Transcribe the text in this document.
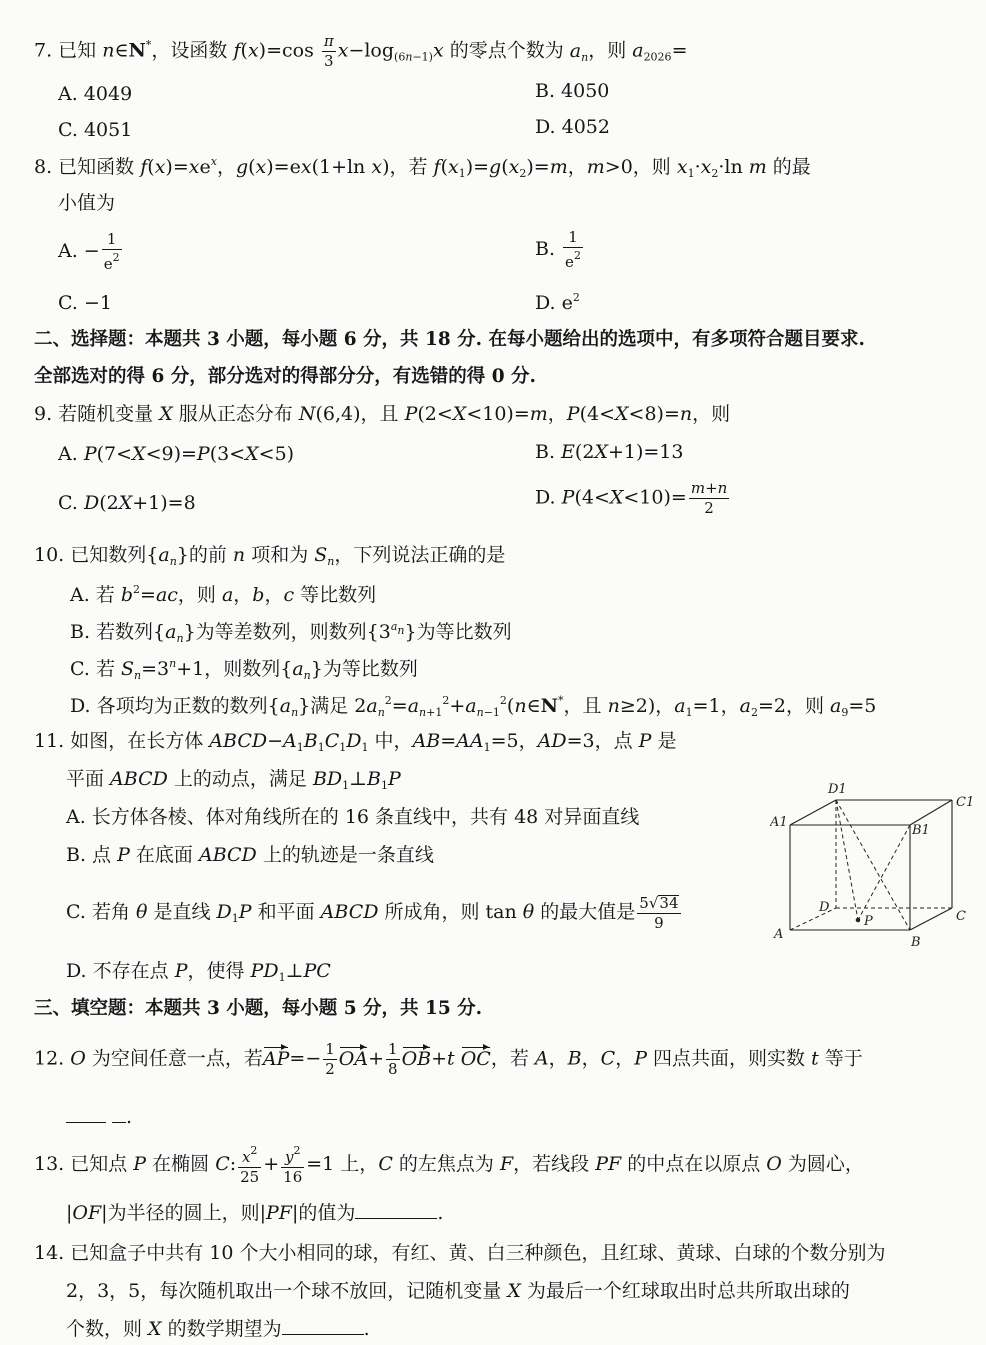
7. 已知 n∈N*，设函数 $f(x)=\cos \frac{\pi}{3} x-\log_{(6n-1)}x$ 的零点个数为 $a_n$，则 $a_{2026}=$
A. 4049	B. 4050
C. 4051	D. 4052
8. 已知函数 $f(x)=xe^x$，g(x)=ex(1+ln x)，若 $f(x_1)=g(x_2)=m$，m>0，则 $x_1\cdot x_2\cdot\ln$ m 的最
小值为
A. − $\frac{1}{e^2}$	B. $\frac{1}{e^2}$
C. −1	D. $e^2$
二、选择题：本题共 3 小题，每小题 6 分，共 18 分. 在每小题给出的选项中，有多项符合题目要求.
全部选对的得 6 分，部分选对的得部分分，有选错的得 0 分.
9. 若随机变量 X 服从正态分布 N(6,4)，且 P(2<X<10)=m，P(4<X<8)=n，则
A. P(7<X<9)=P(3<X<5)	B. E(2X+1)=13
C. D(2X+1)=8	D. $P(4<X<10)= \frac{m+n}{2}$
10. 已知数列$\{a_n\}$的前 n 项和为 $S_n$，下列说法正确的是
A. 若 $b^2=ac$，则 a，b，c 等比数列
B. 若数列$\{a_n\}$为等差数列，则数列$\{3^{a_n}\}$为等比数列
C. 若 $S_n=3^n+1$，则数列$\{a_n\}$为等比数列
D. 各项均为正数的数列$\{a_n\}$满足 $2a_n^2=a_{n+1}^2+a_{n-1}^2(n\in N^*$，且 n≥2)，$a_1=1$，$a_2=2$，则 $a_9=5$
11. 如图，在长方体 $ABCD-A_1B_1C_1D_1$ 中，$AB=AA_1=5$，AD=3，点 P 是
平面 ABCD 上的动点，满足 $BD_1\perp B_1P$
A. 长方体各棱、体对角线所在的 16 条直线中，共有 48 对异面直线
B. 点 P 在底面 ABCD 上的轨迹是一条直线
C. 若角 θ 是直线 $D_1P$ 和平面 ABCD 所成角，则 tan θ 的最大值是 $\frac{5√34}{9}$
D. 不存在点 P，使得 $PD_1\perp PC$
D1
C1
A1
B1
D
P	C
A
B
三、填空题：本题共 3 小题，每小题 5 分，共 15 分.
12. O 为空间任意一点，若$AP=- \frac{1}{2} OA+ \frac{1}{8} OB+t$ OC，若 A，B，C，P 四点共面，则实数 t 等于
.
13. 已知点 P 在椭圆 C: $\frac{x^2}{25} + \frac{y^2}{16} =1$ 上，C 的左焦点为 F，若线段 PF 的中点在以原点 O 为圆心，
|OF|为半径的圆上，则|PF|的值为	.
14. 已知盒子中共有 10 个大小相同的球，有红、黄、白三种颜色，且红球、黄球、白球的个数分别为
2，3，5，每次随机取出一个球不放回，记随机变量 X 为最后一个红球取出时总共所取出球的
个数，则 X 的数学期望为	.
